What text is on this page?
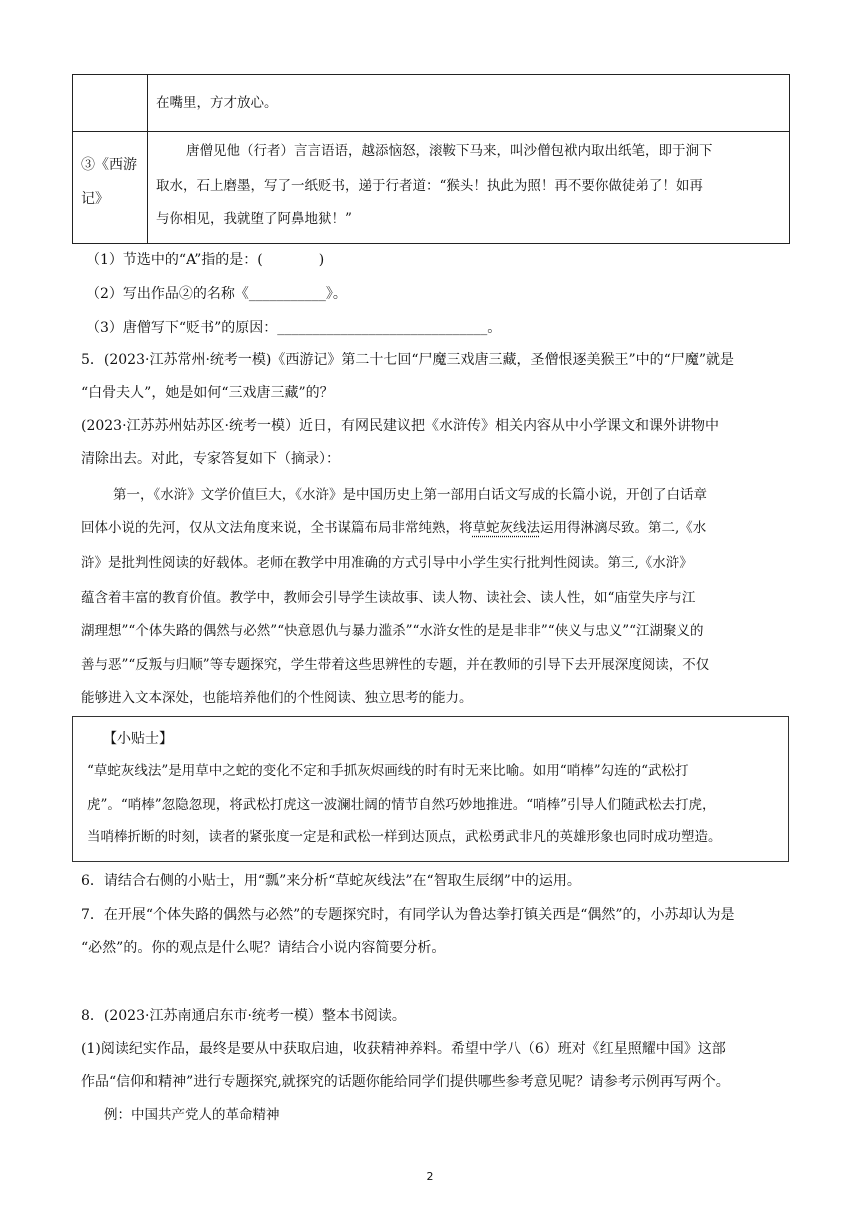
在嘴里，方才放心。
③《西游
记》
唐僧见他（行者）言言语语，越添恼怒，滚鞍下马来，叫沙僧包袱内取出纸笔，即于涧下
取水，石上磨墨，写了一纸贬书，递于行者道：“猴头！执此为照！再不要你做徒弟了！如再
与你相见，我就堕了阿鼻地狱！”
（1）节选中的“A”指的是：(　　　　)
（2）写出作品②的名称《___________》。
（3）唐僧写下“贬书”的原因：______________________________。
5．(2023·江苏常州·统考一模)《西游记》第二十七回“尸魔三戏唐三藏，圣僧恨逐美猴王”中的“尸魔”就是
“白骨夫人”，她是如何“三戏唐三藏”的？
(2023·江苏苏州姑苏区·统考一模）近日，有网民建议把《水浒传》相关内容从中小学课文和课外讲物中
清除出去。对此，专家答复如下（摘录）：
第一，《水浒》文学价值巨大，《水浒》是中国历史上第一部用白话文写成的长篇小说，开创了白话章
回体小说的先河，仅从文法角度来说，全书谋篇布局非常纯熟，将草蛇灰线法运用得淋漓尽致。第二,《水
浒》是批判性阅读的好载体。老师在教学中用准确的方式引导中小学生实行批判性阅读。第三,《水浒》
蕴含着丰富的教育价值。教学中，教师会引导学生读故事、读人物、读社会、读人性，如“庙堂失序与江
湖理想”“个体失路的偶然与必然”“快意恩仇与暴力滥杀”“水浒女性的是是非非”“侠义与忠义”“江湖聚义的
善与恶”“反叛与归顺”等专题探究，学生带着这些思辨性的专题，并在教师的引导下去开展深度阅读，不仅
能够进入文本深处，也能培养他们的个性阅读、独立思考的能力。
【小贴士】
“草蛇灰线法”是用草中之蛇的变化不定和手抓灰烬画线的时有时无来比喻。如用“哨棒”勾连的“武松打
虎”。“哨棒”忽隐忽现，将武松打虎这一波澜壮阔的情节自然巧妙地推进。“哨棒”引导人们随武松去打虎，
当哨棒折断的时刻，读者的紧张度一定是和武松一样到达顶点，武松勇武非凡的英雄形象也同时成功塑造。
6．请结合右侧的小贴士，用“瓢”来分析“草蛇灰线法”在“智取生辰纲”中的运用。
7．在开展“个体失路的偶然与必然”的专题探究时，有同学认为鲁达拳打镇关西是“偶然”的，小苏却认为是
“必然”的。你的观点是什么呢？请结合小说内容简要分析。
8．(2023·江苏南通启东市·统考一模）整本书阅读。
(1)阅读纪实作品，最终是要从中获取启迪，收获精神养料。希望中学八（6）班对《红星照耀中国》这部
作品“信仰和精神”进行专题探究,就探究的话题你能给同学们提供哪些参考意见呢？请参考示例再写两个。
例：中国共产党人的革命精神
2
